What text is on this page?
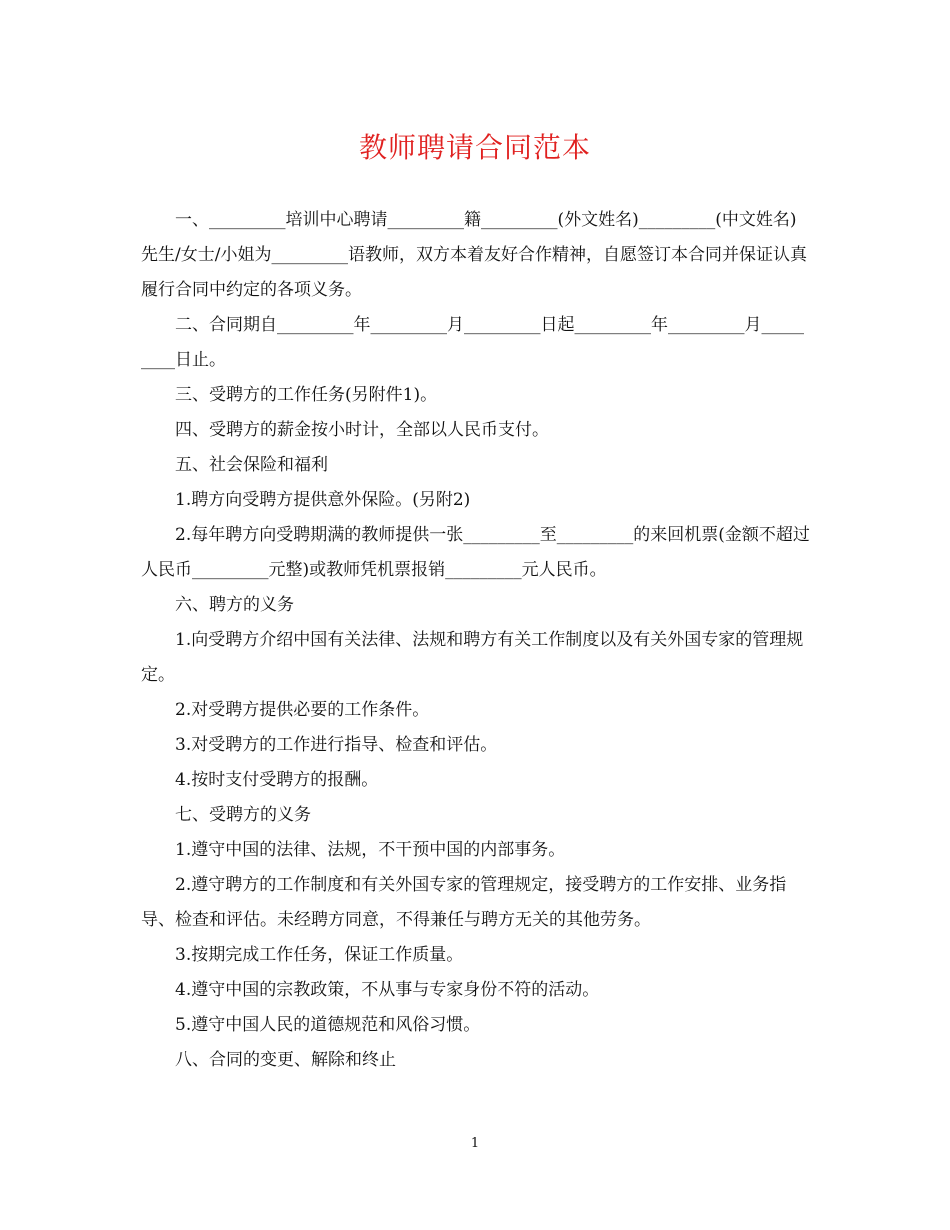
教师聘请合同范本

一、_________培训中心聘请_________籍_________(外文姓名)_________(中文姓名)先生/女士/小姐为_________语教师，双方本着友好合作精神，自愿签订本合同并保证认真履行合同中约定的各项义务。

二、合同期自_________年_________月_________日起_________年_________月_________日止。

三、受聘方的工作任务(另附件1)。

四、受聘方的薪金按小时计，全部以人民币支付。

五、社会保险和福利

1.聘方向受聘方提供意外保险。(另附2)

2.每年聘方向受聘期满的教师提供一张_________至_________的来回机票(金额不超过人民币_________元整)或教师凭机票报销_________元人民币。

六、聘方的义务

1.向受聘方介绍中国有关法律、法规和聘方有关工作制度以及有关外国专家的管理规定。

2.对受聘方提供必要的工作条件。

3.对受聘方的工作进行指导、检查和评估。

4.按时支付受聘方的报酬。

七、受聘方的义务

1.遵守中国的法律、法规，不干预中国的内部事务。

2.遵守聘方的工作制度和有关外国专家的管理规定，接受聘方的工作安排、业务指导、检查和评估。未经聘方同意，不得兼任与聘方无关的其他劳务。

3.按期完成工作任务，保证工作质量。

4.遵守中国的宗教政策，不从事与专家身份不符的活动。

5.遵守中国人民的道德规范和风俗习惯。

八、合同的变更、解除和终止

1
